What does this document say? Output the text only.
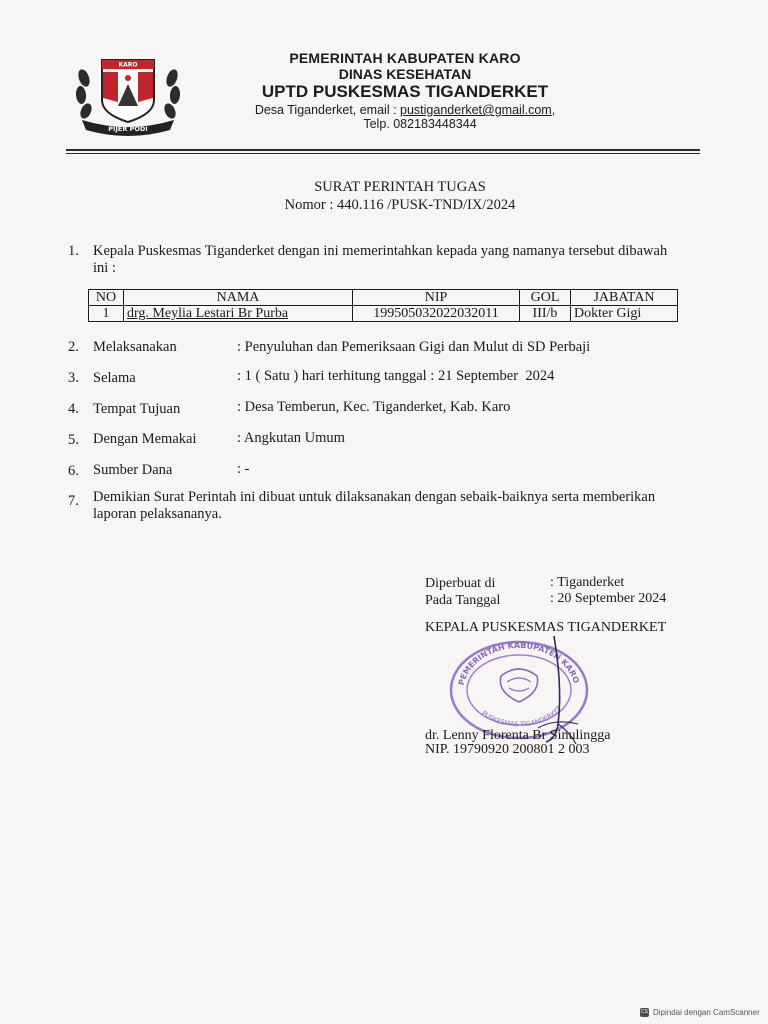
KARO
PIJER PODI
PEMERINTAH KABUPATEN KARO
DINAS KESEHATAN
UPTD PUSKESMAS TIGANDERKET
Desa Tiganderket, email : pustiganderket@gmail.com,
Telp. 082183448344
SURAT PERINTAH TUGAS
Nomor : 440.116 /PUSK-TND/IX/2024
1. Kepala Puskesmas Tiganderket dengan ini memerintahkan kepada yang namanya tersebut dibawah
ini :
NO	NAMA	NIP	GOL	JABATAN
1	drg. Meylia Lestari Br Purba	199505032022032011	III/b	Dokter Gigi
2. Melaksanakan	: Penyuluhan dan Pemeriksaan Gigi dan Mulut di SD Perbaji
3. Selama	: 1 ( Satu ) hari terhitung tanggal : 21 September  2024
4. Tempat Tujuan	: Desa Temberun, Kec. Tiganderket, Kab. Karo
5. Dengan Memakai	: Angkutan Umum
6. Sumber Dana	: -
7. Demikian Surat Perintah ini dibuat untuk dilaksanakan dengan sebaik-baiknya serta memberikan
laporan pelaksananya.
Diperbuat di	: Tiganderket
Pada Tanggal	: 20 September 2024
KEPALA PUSKESMAS TIGANDERKET
PEMERINTAH KABUPATEN KARO
PUSKESMAS TIGANDERKET
dr. Lenny Florenta Br Sinulingga
NIP. 19790920 200801 2 003
CS Dipindai dengan CamScanner
